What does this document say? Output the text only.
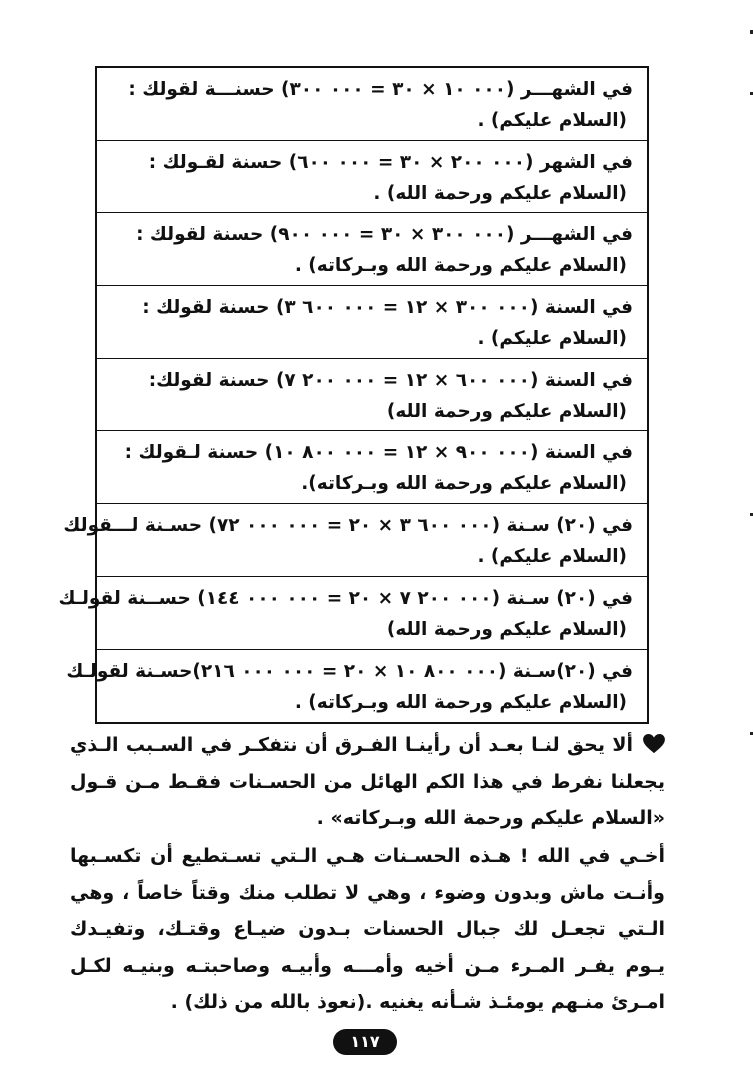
في الشهـــر (٠٠٠ ١٠ × ٣٠ = ٠٠٠ ٣٠٠) حسنـــة لقولك :
(السلام عليكم) .
في الشهر (٠٠٠ ٢٠٠ × ٣٠ = ٠٠٠ ٦٠٠) حسنة لقـولك :
(السلام عليكم ورحمة الله) .
في الشهـــر (٠٠٠ ٣٠٠ × ٣٠ = ٠٠٠ ٩٠٠) حسنة لقولك :
(السلام عليكم ورحمة الله وبـركاته) .
في السنة (٠٠٠ ٣٠٠ × ١٢ = ٠٠٠ ٦٠٠ ٣) حسنة لقولك :
(السلام عليكم) .
في السنة (٠٠٠ ٦٠٠ × ١٢ = ٠٠٠ ٢٠٠ ٧) حسنة لقولك:
(السلام عليكم ورحمة الله)
في السنة (٠٠٠ ٩٠٠ × ١٢ = ٠٠٠ ٨٠٠ ١٠) حسنة لـقولك :
(السلام عليكم ورحمة الله وبـركاته).
في (٢٠) سـنة (٠٠٠ ٦٠٠ ٣ × ٢٠ = ٠٠٠ ٠٠٠ ٧٢) حسـنة لـــقولك
(السلام عليكم) .
في (٢٠) سـنة (٠٠٠ ٢٠٠ ٧ × ٢٠ = ٠٠٠ ٠٠٠ ١٤٤) حســنة لقولـك
(السلام عليكم ورحمة الله)
في (٢٠)سـنة (٠٠٠ ٨٠٠ ١٠ × ٢٠ = ٠٠٠ ٠٠٠ ٢١٦)حسـنة لقولـك
(السلام عليكم ورحمة الله وبـركاته) .
ألا يحق لنـا بعـد أن رأينـا الفـرق أن نتفكـر في السـبب الـذي يجعلنا نفرط في هذا الكم الهائل من الحسـنات فقـط مـن قـول «السلام عليكم ورحمة الله وبـركاته» .
أخـي في الله ! هـذه الحسـنات هـي الـتي تسـتطيع أن تكسـبها وأنـت ماش وبدون وضوء ، وهي لا تطلب منك وقتاً خاصاً ، وهي الـتي تجعـل لك جبال الحسنات بـدون ضيـاع وقتـك، وتفيـدك يـوم يفـر المـرء مـن أخيه وأمـــه وأبيـه وصاحبتـه وبنيـه لكـل امـرئ منـهم يومئـذ شـأنه يغنيه .(نعوذ بالله من ذلك) .
١١٧
